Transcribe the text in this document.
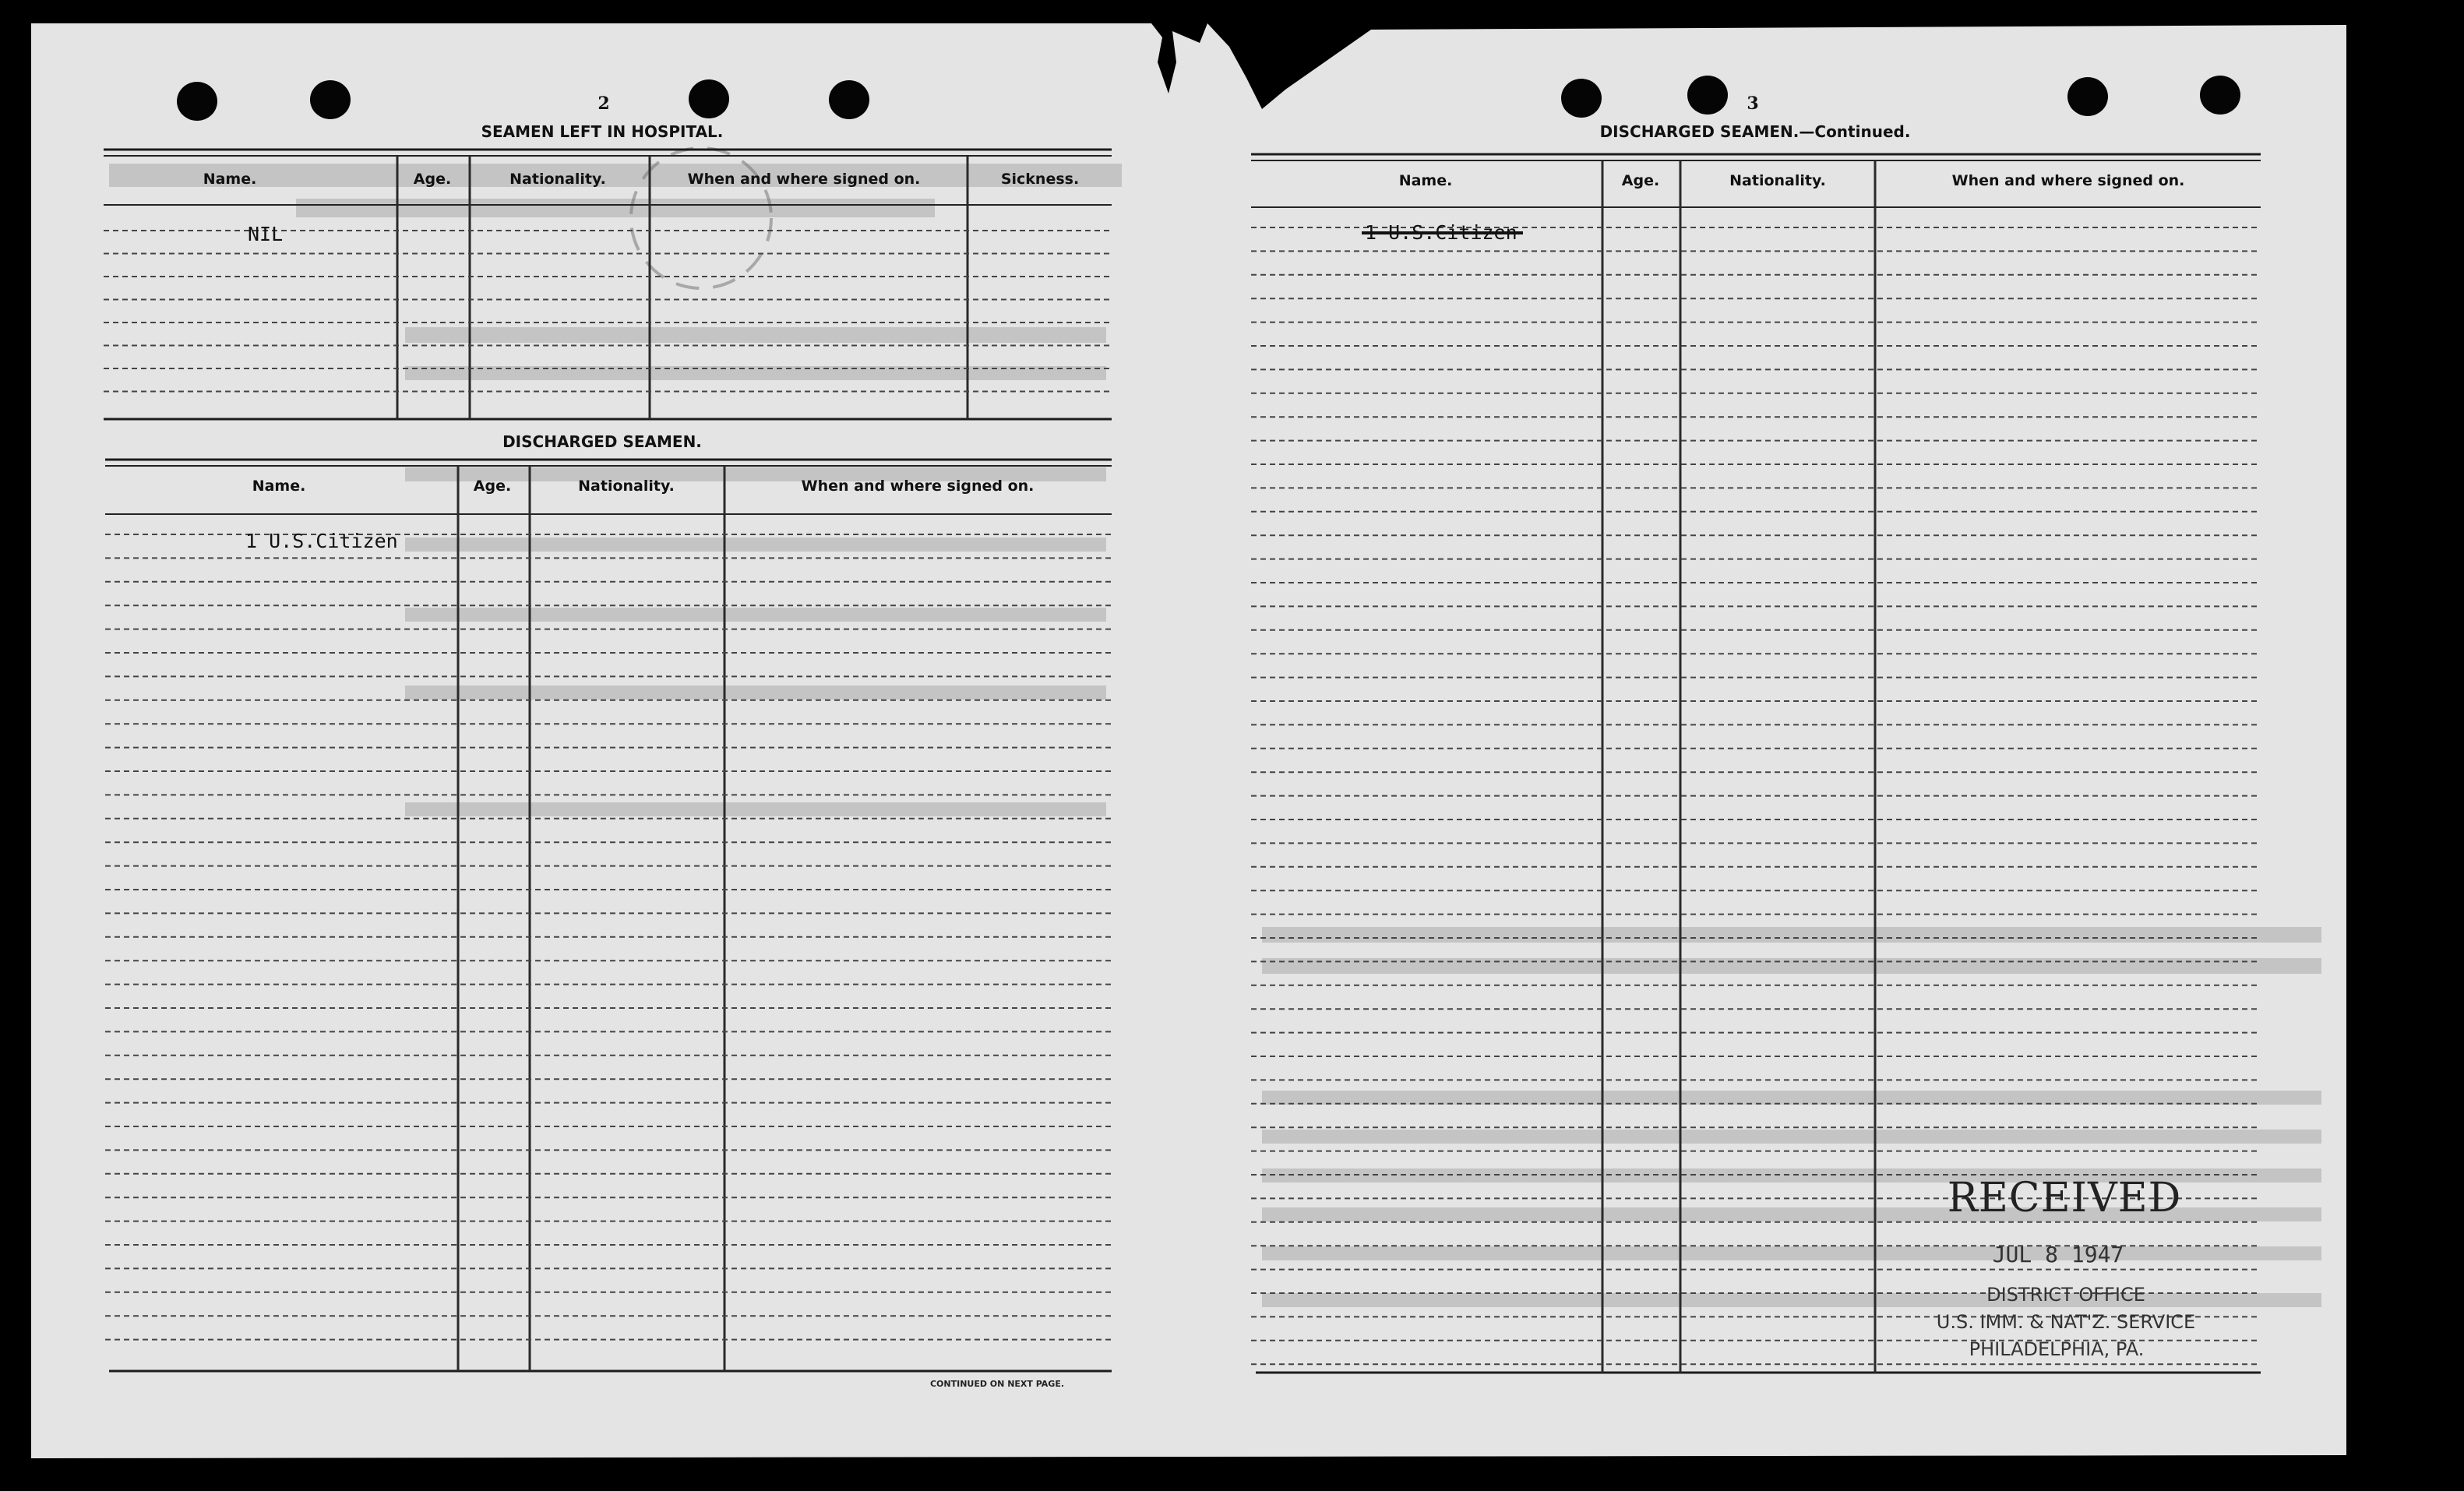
2
SEAMEN LEFT IN HOSPITAL.
Name.	Age.	Nationality.	When and where signed on.	Sickness.
NIL
DISCHARGED SEAMEN.
Name.	Age.	Nationality.	When and where signed on.
1 U.S.Citizen
CONTINUED ON NEXT PAGE.
3
DISCHARGED SEAMEN.—Continued.
Name.	Age.	Nationality.	When and where signed on.
1 U.S.Citizen
RECEIVED
JUL 8 1947
DISTRICT OFFICE
U.S. IMM. & NAT'Z. SERVICE
PHILADELPHIA, PA.
